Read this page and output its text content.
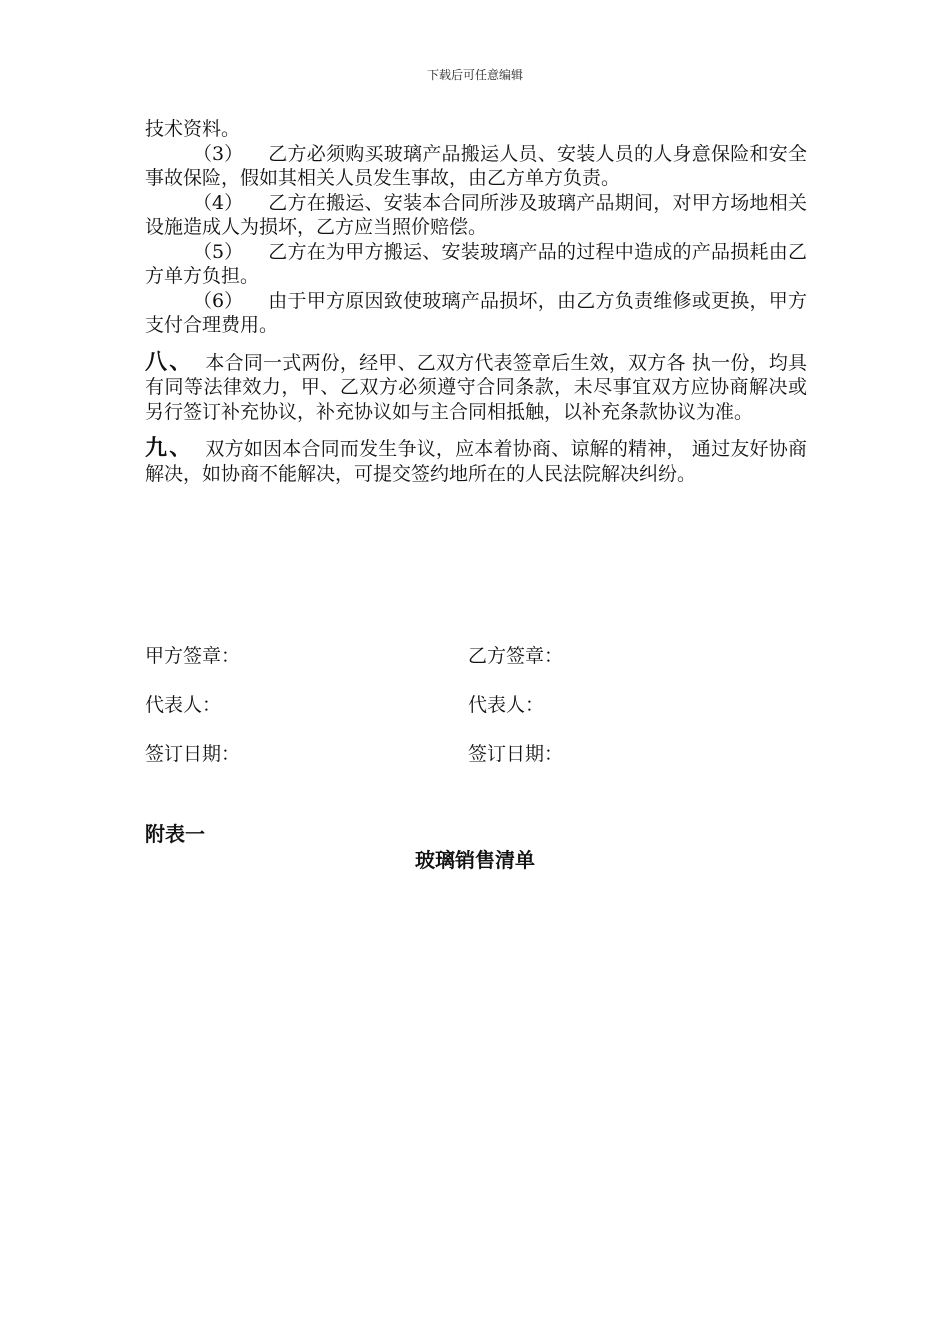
下载后可任意编辑

技术资料。

（3） 乙方必须购买玻璃产品搬运人员、安装人员的人身意保险和安全事故保险，假如其相关人员发生事故，由乙方单方负责。

（4） 乙方在搬运、安装本合同所涉及玻璃产品期间，对甲方场地相关设施造成人为损坏，乙方应当照价赔偿。

（5） 乙方在为甲方搬运、安装玻璃产品的过程中造成的产品损耗由乙方单方负担。

（6） 由于甲方原因致使玻璃产品损坏，由乙方负责维修或更换，甲方支付合理费用。

八、 本合同一式两份，经甲、乙双方代表签章后生效，双方各 执一份，均具有同等法律效力，甲、乙双方必须遵守合同条款，未尽事宜双方应协商解决或另行签订补充协议，补充协议如与主合同相抵触，以补充条款协议为准。

九、 双方如因本合同而发生争议，应本着协商、谅解的精神， 通过友好协商解决，如协商不能解决，可提交签约地所在的人民法院解决纠纷。

甲方签章：	乙方签章：
代表人：	代表人：
签订日期：	签订日期：
附表一
玻璃销售清单
